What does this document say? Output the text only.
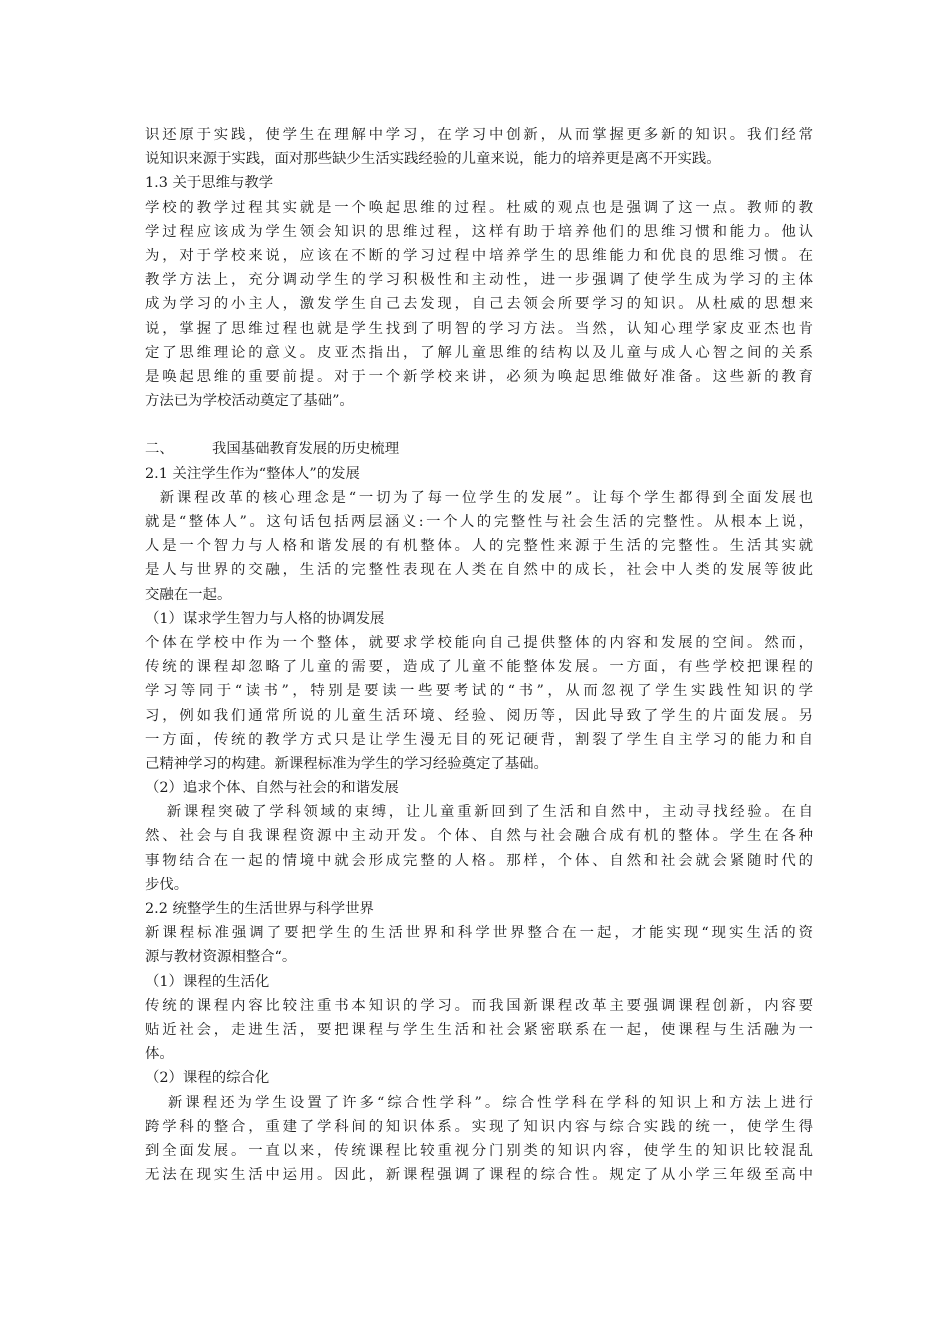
识还原于实践，使学生在理解中学习，在学习中创新，从而掌握更多新的知识。我们经常
说知识来源于实践，面对那些缺少生活实践经验的儿童来说，能力的培养更是离不开实践。
1.3 关于思维与教学
学校的教学过程其实就是一个唤起思维的过程。杜威的观点也是强调了这一点。教师的教
学过程应该成为学生领会知识的思维过程，这样有助于培养他们的思维习惯和能力。他认
为，对于学校来说，应该在不断的学习过程中培养学生的思维能力和优良的思维习惯。在
教学方法上，充分调动学生的学习积极性和主动性，进一步强调了使学生成为学习的主体
成为学习的小主人，激发学生自己去发现，自己去领会所要学习的知识。从杜威的思想来
说，掌握了思维过程也就是学生找到了明智的学习方法。当然，认知心理学家皮亚杰也肯
定了思维理论的意义。皮亚杰指出，了解儿童思维的结构以及儿童与成人心智之间的关系
是唤起思维的重要前提。对于一个新学校来讲，必须为唤起思维做好准备。这些新的教育
方法已为学校活动奠定了基础”。
二、	我国基础教育发展的历史梳理
2.1 关注学生作为“整体人”的发展
新课程改革的核心理念是“一切为了每一位学生的发展”。让每个学生都得到全面发展也
就是“整体人”。这句话包括两层涵义:一个人的完整性与社会生活的完整性。从根本上说，
人是一个智力与人格和谐发展的有机整体。人的完整性来源于生活的完整性。生活其实就
是人与世界的交融，生活的完整性表现在人类在自然中的成长，社会中人类的发展等彼此
交融在一起。
（1）谋求学生智力与人格的协调发展
个体在学校中作为一个整体，就要求学校能向自己提供整体的内容和发展的空间。然而，
传统的课程却忽略了儿童的需要，造成了儿童不能整体发展。一方面，有些学校把课程的
学习等同于“读书”，特别是要读一些要考试的“书”，从而忽视了学生实践性知识的学
习，例如我们通常所说的儿童生活环境、经验、阅历等，因此导致了学生的片面发展。另
一方面，传统的教学方式只是让学生漫无目的死记硬背，割裂了学生自主学习的能力和自
己精神学习的构建。新课程标准为学生的学习经验奠定了基础。
（2）追求个体、自然与社会的和谐发展
新课程突破了学科领域的束缚，让儿童重新回到了生活和自然中，主动寻找经验。在自
然、社会与自我课程资源中主动开发。个体、自然与社会融合成有机的整体。学生在各种
事物结合在一起的情境中就会形成完整的人格。那样，个体、自然和社会就会紧随时代的
步伐。
2.2 统整学生的生活世界与科学世界
新课程标准强调了要把学生的生活世界和科学世界整合在一起，才能实现“现实生活的资
源与教材资源相整合“。
（1）课程的生活化
传统的课程内容比较注重书本知识的学习。而我国新课程改革主要强调课程创新，内容要
贴近社会，走进生活，要把课程与学生生活和社会紧密联系在一起，使课程与生活融为一
体。
（2）课程的综合化
新课程还为学生设置了许多“综合性学科”。综合性学科在学科的知识上和方法上进行
跨学科的整合，重建了学科间的知识体系。实现了知识内容与综合实践的统一，使学生得
到全面发展。一直以来，传统课程比较重视分门别类的知识内容，使学生的知识比较混乱
无法在现实生活中运用。因此，新课程强调了课程的综合性。规定了从小学三年级至高中
